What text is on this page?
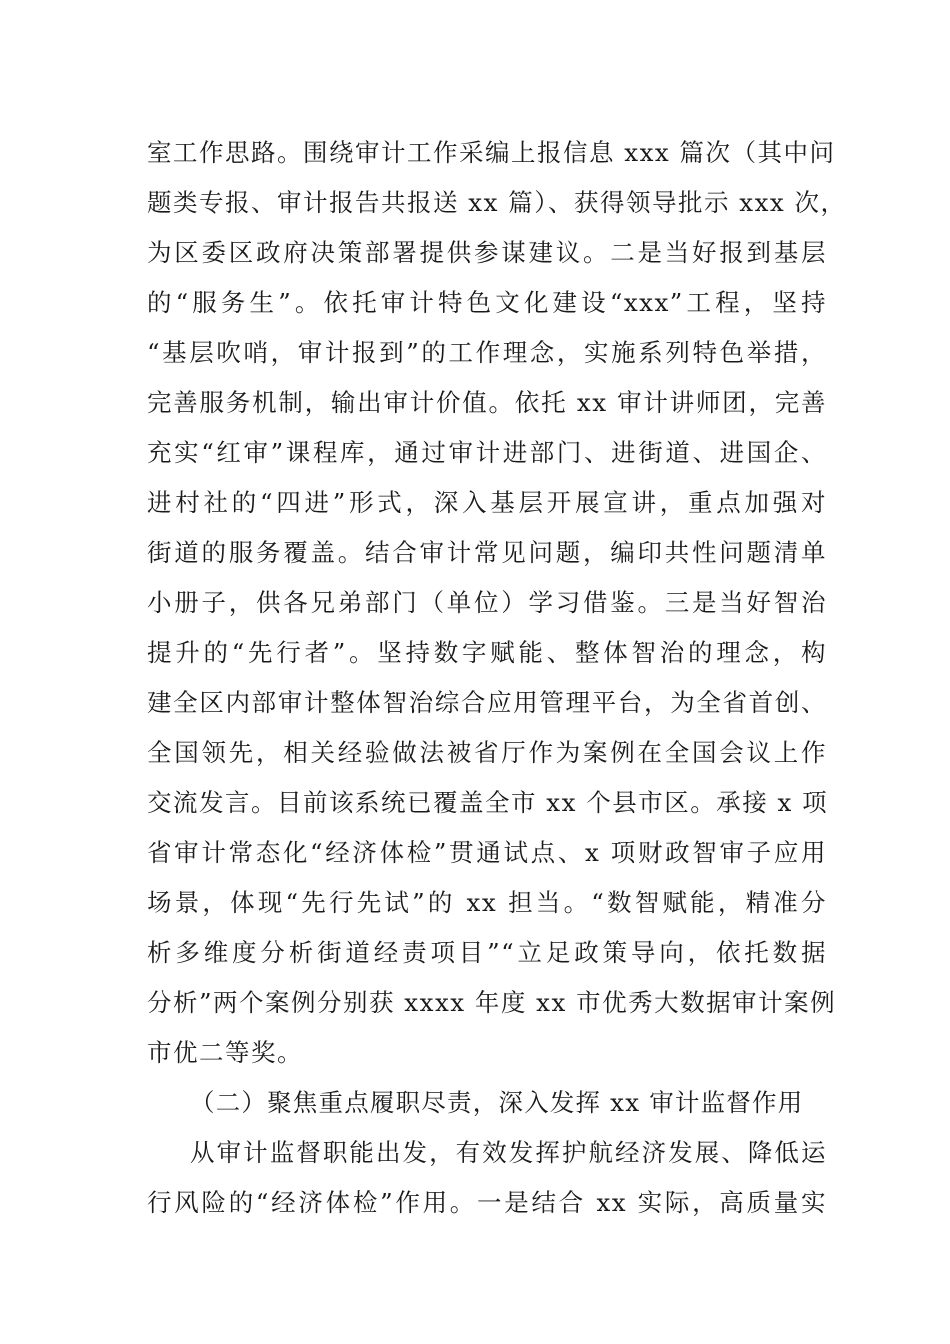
室工作思路。围绕审计工作采编上报信息 xxx 篇次（其中问
题类专报、审计报告共报送 xx 篇）、获得领导批示 xxx 次，
为区委区政府决策部署提供参谋建议。二是当好报到基层
的“服务生”。依托审计特色文化建设“xxx”工程，坚持
“基层吹哨，审计报到”的工作理念，实施系列特色举措，
完善服务机制，输出审计价值。依托 xx 审计讲师团，完善
充实“红审”课程库，通过审计进部门、进街道、进国企、
进村社的“四进”形式，深入基层开展宣讲，重点加强对
街道的服务覆盖。结合审计常见问题，编印共性问题清单
小册子，供各兄弟部门（单位）学习借鉴。三是当好智治
提升的“先行者”。坚持数字赋能、整体智治的理念，构
建全区内部审计整体智治综合应用管理平台，为全省首创、
全国领先，相关经验做法被省厅作为案例在全国会议上作
交流发言。目前该系统已覆盖全市 xx 个县市区。承接 x 项
省审计常态化“经济体检”贯通试点、x 项财政智审子应用
场景，体现“先行先试”的 xx 担当。“数智赋能，精准分
析多维度分析街道经责项目”“立足政策导向，依托数据
分析”两个案例分别获 xxxx 年度 xx 市优秀大数据审计案例
市优二等奖。
（二）聚焦重点履职尽责，深入发挥 xx 审计监督作用
从审计监督职能出发，有效发挥护航经济发展、降低运
行风险的“经济体检”作用。一是结合 xx 实际，高质量实
